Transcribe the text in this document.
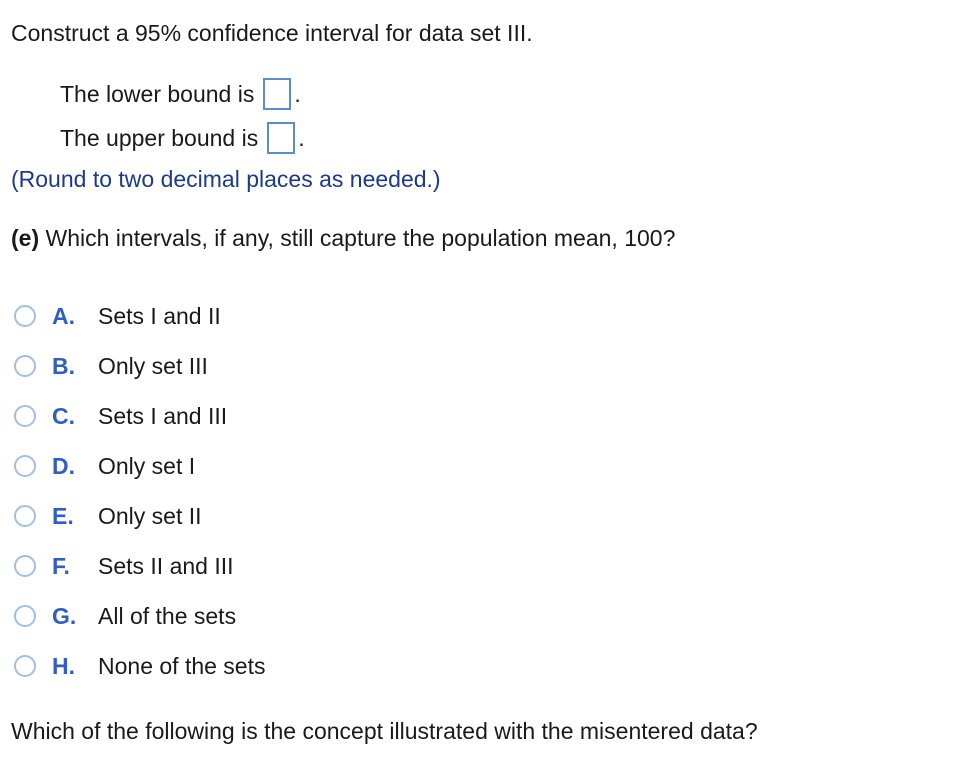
Construct a 95% confidence interval for data set III.
The lower bound is .
The upper bound is .
(Round to two decimal places as needed.)
(e) Which intervals, if any, still capture the population mean, 100?
A.	Sets I and II
B.	Only set III
C.	Sets I and III
D.	Only set I
E.	Only set II
F.	Sets II and III
G. All of the sets
H.	None of the sets
Which of the following is the concept illustrated with the misentered data?
